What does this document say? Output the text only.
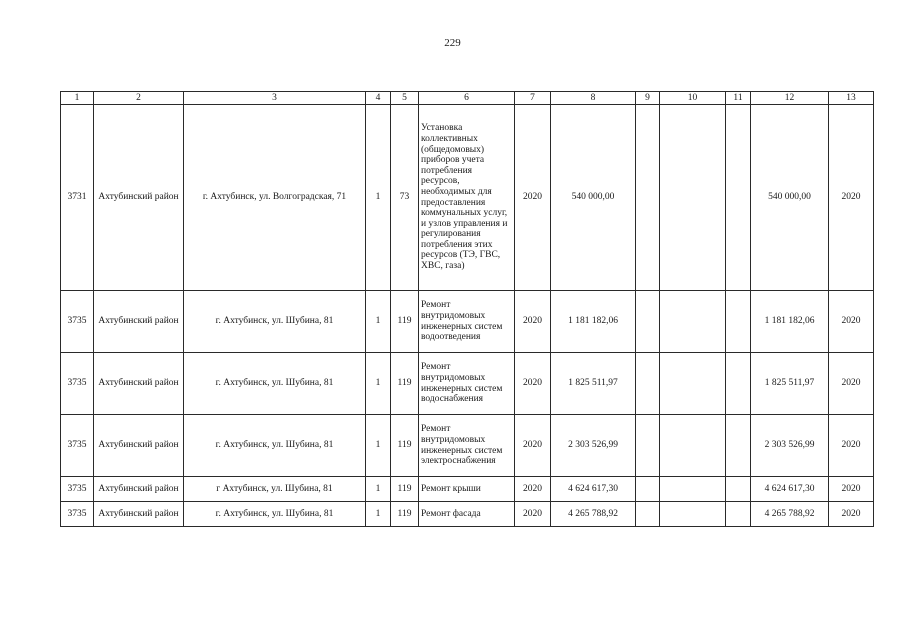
229
1	2	3	4	5	6	7	8	9	10	11	12	13
3731	Ахтубинский район	г. Ахтубинск, ул. Волгоградская, 71	1	73	Установка коллективных (общедомовых) приборов учета потребления ресурсов, необходимых для предоставления коммунальных услуг, и узлов управления и регулирования потребления этих ресурсов (ТЭ, ГВС, ХВС, газа)	2020	540 000,00				540 000,00	2020
3735	Ахтубинский район	г. Ахтубинск, ул. Шубина, 81	1	119	Ремонт внутридомовых инженерных систем водоотведения	2020	1 181 182,06				1 181 182,06	2020
3735	Ахтубинский район	г. Ахтубинск, ул. Шубина, 81	1	119	Ремонт внутридомовых инженерных систем водоснабжения	2020	1 825 511,97				1 825 511,97	2020
3735	Ахтубинский район	г. Ахтубинск, ул. Шубина, 81	1	119	Ремонт внутридомовых инженерных систем электроснабжения	2020	2 303 526,99				2 303 526,99	2020
3735	Ахтубинский район	г Ахтубинск, ул. Шубина, 81	1	119	Ремонт крыши	2020	4 624 617,30				4 624 617,30	2020
3735	Ахтубинский район	г. Ахтубинск, ул. Шубина, 81	1	119	Ремонт фасада	2020	4 265 788,92				4 265 788,92	2020
